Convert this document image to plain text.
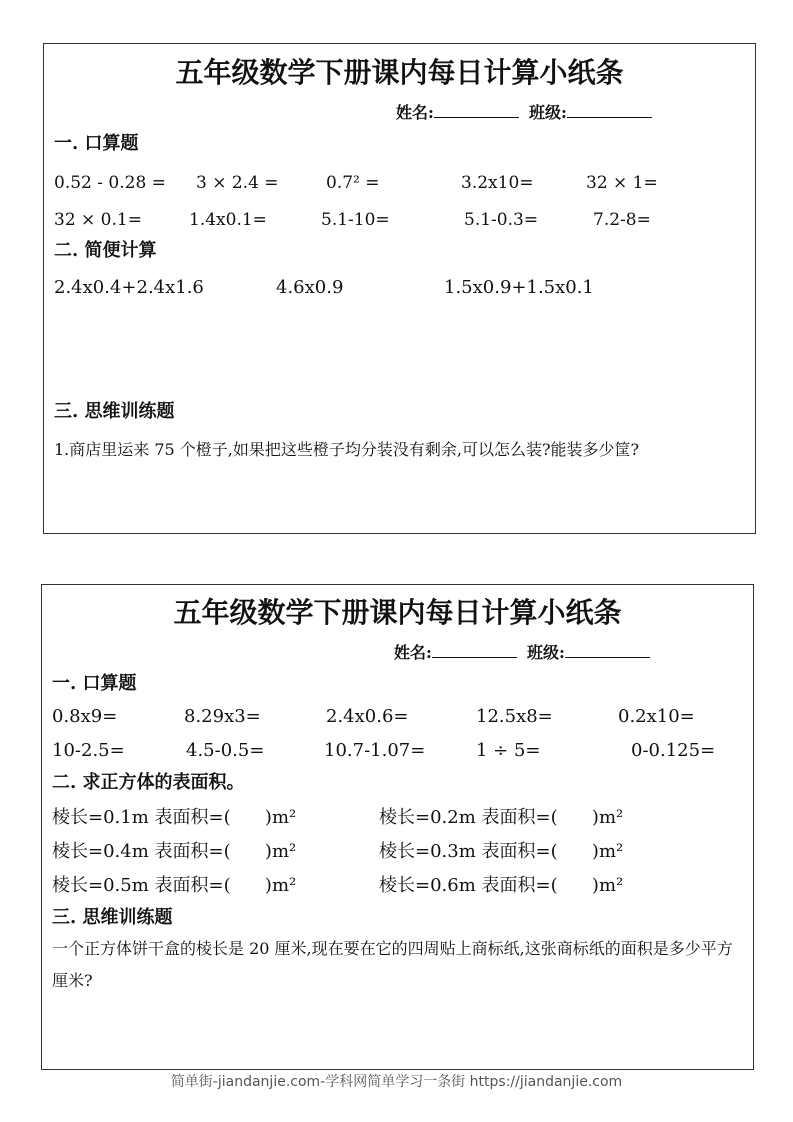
五年级数学下册课内每日计算小纸条
姓名:	班级:
一. 口算题
0.52 - 0.28 = 3 × 2.4 =	0.7² =	3.2x10=	32 × 1=
32 × 0.1=	1.4x0.1=	5.1-10=	5.1-0.3=	7.2-8=
二. 简便计算
2.4x0.4+2.4x1.6	4.6x0.9	1.5x0.9+1.5x0.1
三. 思维训练题
1.商店里运来 75 个橙子,如果把这些橙子均分装没有剩余,可以怎么装?能装多少筐?
五年级数学下册课内每日计算小纸条
姓名:	班级:
一. 口算题
0.8x9=	8.29x3=	2.4x0.6=	12.5x8=	0.2x10=
10-2.5=	4.5-0.5=	10.7-1.07=	1 ÷ 5=	0-0.125=
二. 求正方体的表面积。
棱长=0.1m 表面积=(      )m²	棱长=0.2m 表面积=(      )m²
棱长=0.4m 表面积=(      )m²	棱长=0.3m 表面积=(      )m²
棱长=0.5m 表面积=(      )m²	棱长=0.6m 表面积=(      )m²
三. 思维训练题
一个正方体饼干盒的棱长是 20 厘米,现在要在它的四周贴上商标纸,这张商标纸的面积是多少平方厘米?
简单街-jiandanjie.com-学科网简单学习一条街 https://jiandanjie.com
